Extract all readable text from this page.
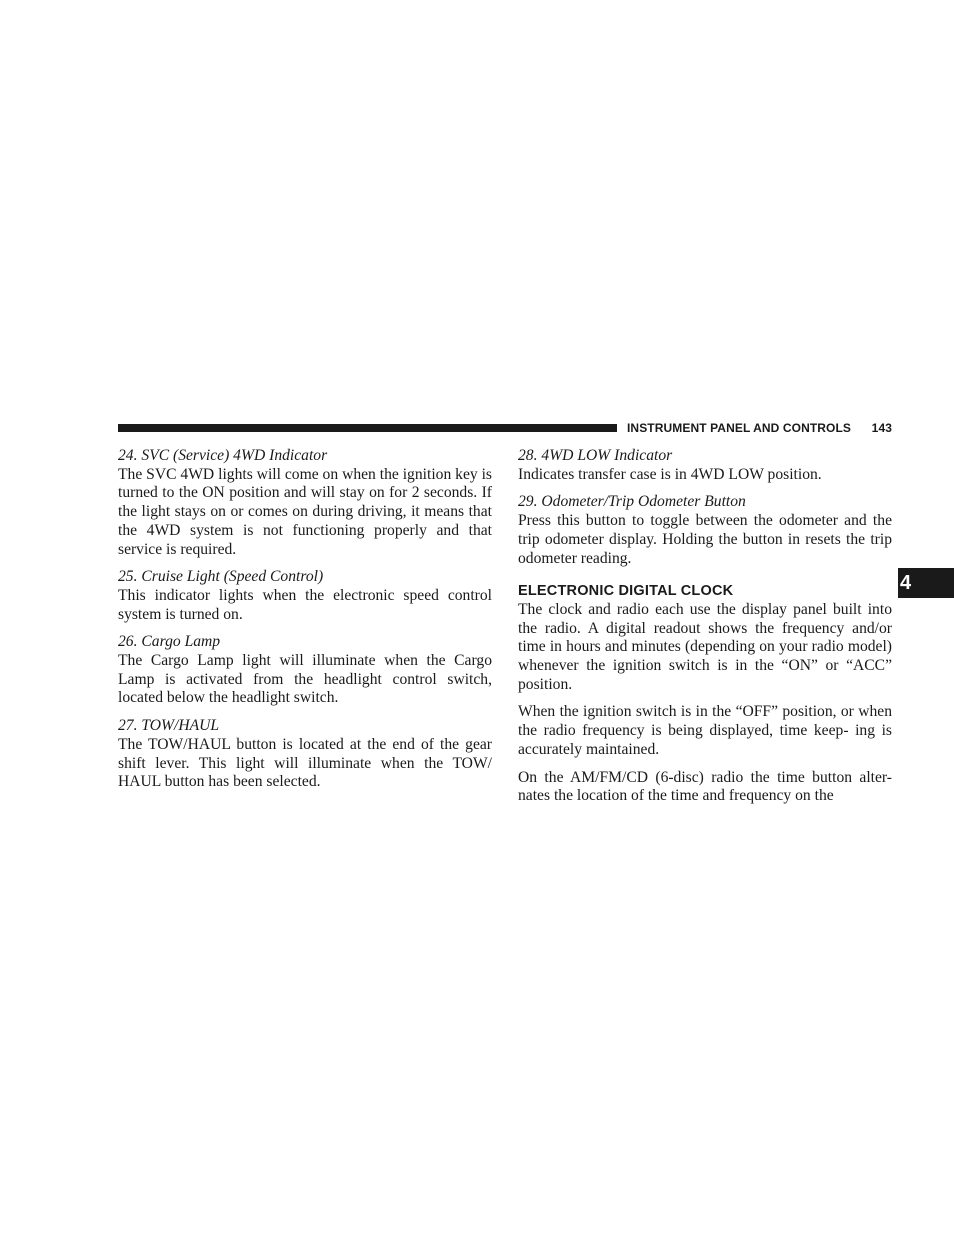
INSTRUMENT PANEL AND CONTROLS 143
4

24. SVC (Service) 4WD Indicator

The SVC 4WD lights will come on when the ignition key is turned to the ON position and will stay on for 2 seconds. If the light stays on or comes on during driving, it means that the 4WD system is not functioning properly and that service is required.

25. Cruise Light (Speed Control)

This indicator lights when the electronic speed control system is turned on.

26. Cargo Lamp

The Cargo Lamp light will illuminate when the Cargo Lamp is activated from the headlight control switch, located below the headlight switch.

27. TOW/HAUL

The TOW/HAUL button is located at the end of the gear shift lever. This light will illuminate when the TOW/ HAUL button has been selected.

28. 4WD LOW Indicator

Indicates transfer case is in 4WD LOW position.

29. Odometer/Trip Odometer Button

Press this button to toggle between the odometer and the trip odometer display. Holding the button in resets the trip odometer reading.

ELECTRONIC DIGITAL CLOCK

The clock and radio each use the display panel built into the radio. A digital readout shows the frequency and/or time in hours and minutes (depending on your radio model) whenever the ignition switch is in the “ON” or “ACC” position.

When the ignition switch is in the “OFF” position, or when the radio frequency is being displayed, time keep- ing is accurately maintained.

On the AM/FM/CD (6-disc) radio the time button alter- nates the location of the time and frequency on the
